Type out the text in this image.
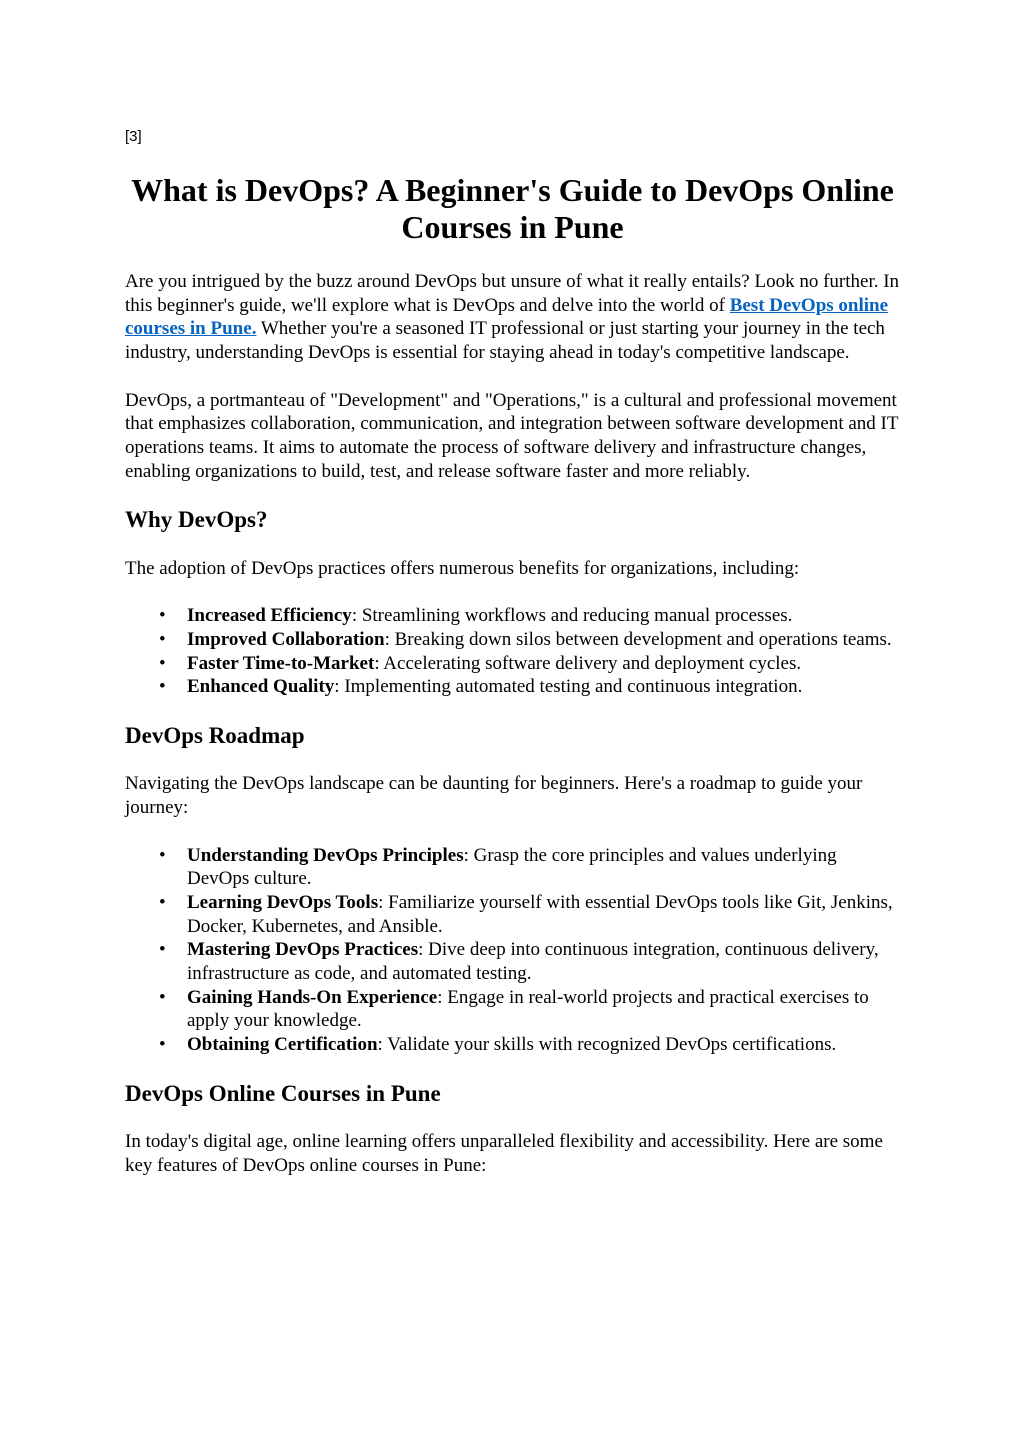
[3]
What is DevOps? A Beginner's Guide to DevOps Online Courses in Pune

Are you intrigued by the buzz around DevOps but unsure of what it really entails? Look no further. In this beginner's guide, we'll explore what is DevOps and delve into the world of Best DevOps online courses in Pune. Whether you're a seasoned IT professional or just starting your journey in the tech industry, understanding DevOps is essential for staying ahead in today's competitive landscape.

DevOps, a portmanteau of "Development" and "Operations," is a cultural and professional movement that emphasizes collaboration, communication, and integration between software development and IT operations teams. It aims to automate the process of software delivery and infrastructure changes, enabling organizations to build, test, and release software faster and more reliably.

Why DevOps?

The adoption of DevOps practices offers numerous benefits for organizations, including:

• Increased Efficiency: Streamlining workflows and reducing manual processes.
• Improved Collaboration: Breaking down silos between development and operations teams.
• Faster Time-to-Market: Accelerating software delivery and deployment cycles.
• Enhanced Quality: Implementing automated testing and continuous integration.
DevOps Roadmap

Navigating the DevOps landscape can be daunting for beginners. Here's a roadmap to guide your journey:

• Understanding DevOps Principles: Grasp the core principles and values underlying DevOps culture.
• Learning DevOps Tools: Familiarize yourself with essential DevOps tools like Git, Jenkins, Docker, Kubernetes, and Ansible.
• Mastering DevOps Practices: Dive deep into continuous integration, continuous delivery, infrastructure as code, and automated testing.
• Gaining Hands-On Experience: Engage in real-world projects and practical exercises to apply your knowledge.
• Obtaining Certification: Validate your skills with recognized DevOps certifications.
DevOps Online Courses in Pune

In today's digital age, online learning offers unparalleled flexibility and accessibility. Here are some key features of DevOps online courses in Pune:
